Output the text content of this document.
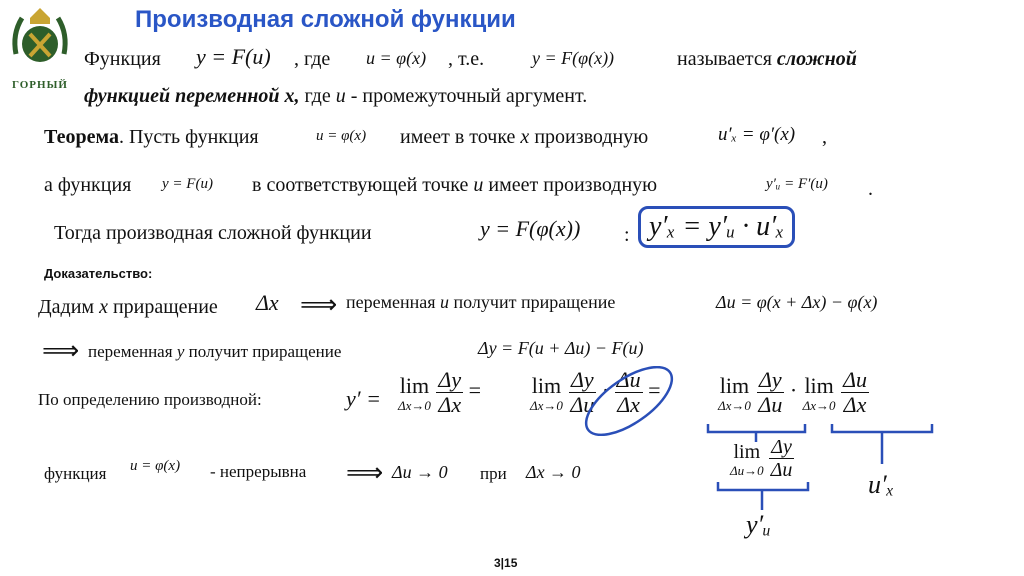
ГОРНЫЙ
Производная сложной функции
Функция y = F(u) , где u = φ(x) , т.е.	y = F(φ(x))	называется сложной
функцией переменной x, где u - промежуточный аргумент.
Теорема. Пусть функция	u = φ(x) имеет в точке x производную	u′ₓ = φ′(x) ,
а функция y = F(u) в соответствующей точке u имеет производную	y′ᵤ = F′(u) .
Тогда производная сложной функции	y = F(φ(x)) : y′ₓ = y′ᵤ · u′ₓ
Доказательство:
Дадим x приращение Δx ⟹ переменная u получит приращение	Δu = φ(x + Δx) − φ(x)
⟹ переменная y получит приращение	Δy = F(u + Δu) − F(u)
По определению производной:	y′ =
lim
Δx→0
$\frac{\Delta y}{\Delta x} = \lim$
Δx→0
$\frac{\Delta y}{\Delta u} \cdot \frac{\Delta u}{\Delta x}$ =	lim
Δx→0
$\frac{\Delta y}{\Delta u} \cdot \lim$
Δx→0
$\frac{\Delta u}{\Delta x}$
lim
Δu→0
$\frac{\Delta y}{\Delta u}$
u′ₓ
y′ᵤ
функция u = φ(x) - непрерывна ⟹ Δu → 0 при Δx → 0
3|15
